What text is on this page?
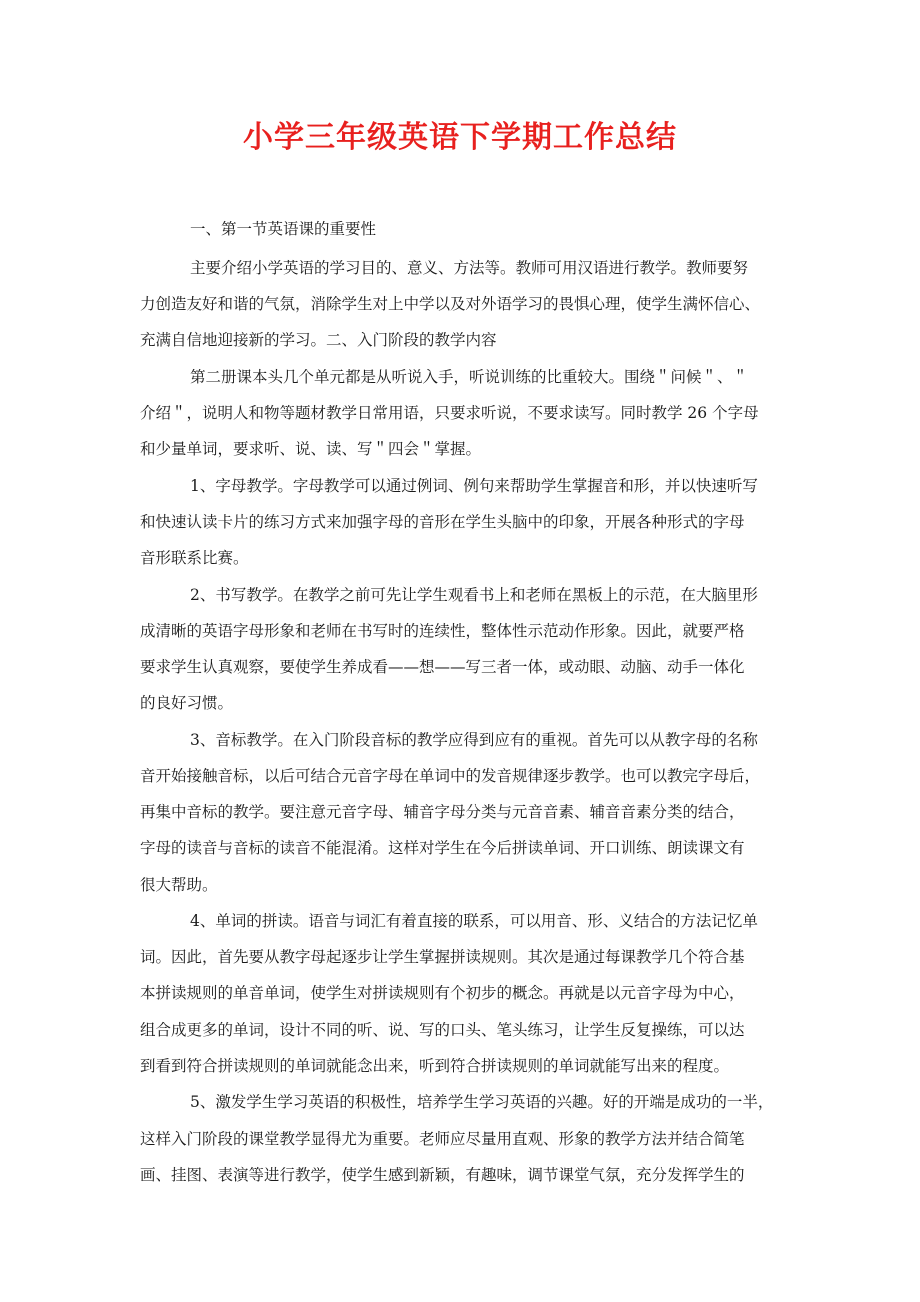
小学三年级英语下学期工作总结
一、第一节英语课的重要性
主要介绍小学英语的学习目的、意义、方法等。教师可用汉语进行教学。教师要努
力创造友好和谐的气氛，消除学生对上中学以及对外语学习的畏惧心理，使学生满怀信心、
充满自信地迎接新的学习。二、入门阶段的教学内容
第二册课本头几个单元都是从听说入手，听说训练的比重较大。围绕＂问候＂、＂
介绍＂，说明人和物等题材教学日常用语，只要求听说，不要求读写。同时教学 26 个字母
和少量单词，要求听、说、读、写＂四会＂掌握。
1、字母教学。字母教学可以通过例词、例句来帮助学生掌握音和形，并以快速听写
和快速认读卡片的练习方式来加强字母的音形在学生头脑中的印象，开展各种形式的字母
音形联系比赛。
2、书写教学。在教学之前可先让学生观看书上和老师在黑板上的示范，在大脑里形
成清晰的英语字母形象和老师在书写时的连续性，整体性示范动作形象。因此，就要严格
要求学生认真观察，要使学生养成看——想——写三者一体，或动眼、动脑、动手一体化
的良好习惯。
3、音标教学。在入门阶段音标的教学应得到应有的重视。首先可以从教字母的名称
音开始接触音标，以后可结合元音字母在单词中的发音规律逐步教学。也可以教完字母后，
再集中音标的教学。要注意元音字母、辅音字母分类与元音音素、辅音音素分类的结合，
字母的读音与音标的读音不能混淆。这样对学生在今后拼读单词、开口训练、朗读课文有
很大帮助。
4、单词的拼读。语音与词汇有着直接的联系，可以用音、形、义结合的方法记忆单
词。因此，首先要从教字母起逐步让学生掌握拼读规则。其次是通过每课教学几个符合基
本拼读规则的单音单词，使学生对拼读规则有个初步的概念。再就是以元音字母为中心，
组合成更多的单词，设计不同的听、说、写的口头、笔头练习，让学生反复操练，可以达
到看到符合拼读规则的单词就能念出来，听到符合拼读规则的单词就能写出来的程度。
5、激发学生学习英语的积极性，培养学生学习英语的兴趣。好的开端是成功的一半，
这样入门阶段的课堂教学显得尤为重要。老师应尽量用直观、形象的教学方法并结合简笔
画、挂图、表演等进行教学，使学生感到新颖，有趣味，调节课堂气氛，充分发挥学生的
